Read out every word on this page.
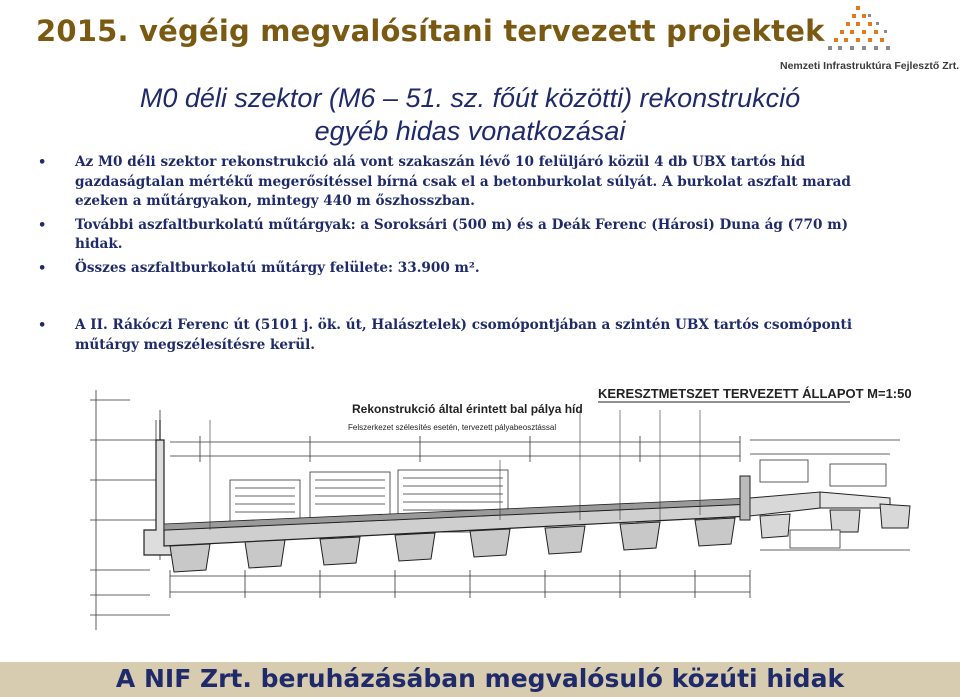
2015. végéig megvalósítani tervezett projektek
Nemzeti Infrastruktúra Fejlesztő Zrt.
M0 déli szektor (M6 – 51. sz. főút közötti) rekonstrukció
egyéb hidas vonatkozásai
• Az M0 déli szektor rekonstrukció alá vont szakaszán lévő 10 felüljáró közül 4 db UBX tartós híd gazdaságtalan mértékű megerősítéssel bírná csak el a betonburkolat súlyát. A burkolat aszfalt marad ezeken a műtárgyakon, mintegy 440 m őszhosszban.
• További aszfaltburkolatú műtárgyak: a Soroksári (500 m) és a Deák Ferenc (Hárosi) Duna ág (770 m) hidak.
• Összes aszfaltburkolatú műtárgy felülete: 33.900 m².
• A II. Rákóczi Ferenc út (5101 j. ök. út, Halásztelek) csomópontjában a szintén UBX tartós csomóponti műtárgy megszélesítésre kerül.
KERESZTMETSZET TERVEZETT ÁLLAPOT M=1:50
Rekonstrukció által érintett bal pálya híd
Felszerkezet szélesítés esetén, tervezett pályabeosztással
A NIF Zrt. beruházásában megvalósuló közúti hidak
